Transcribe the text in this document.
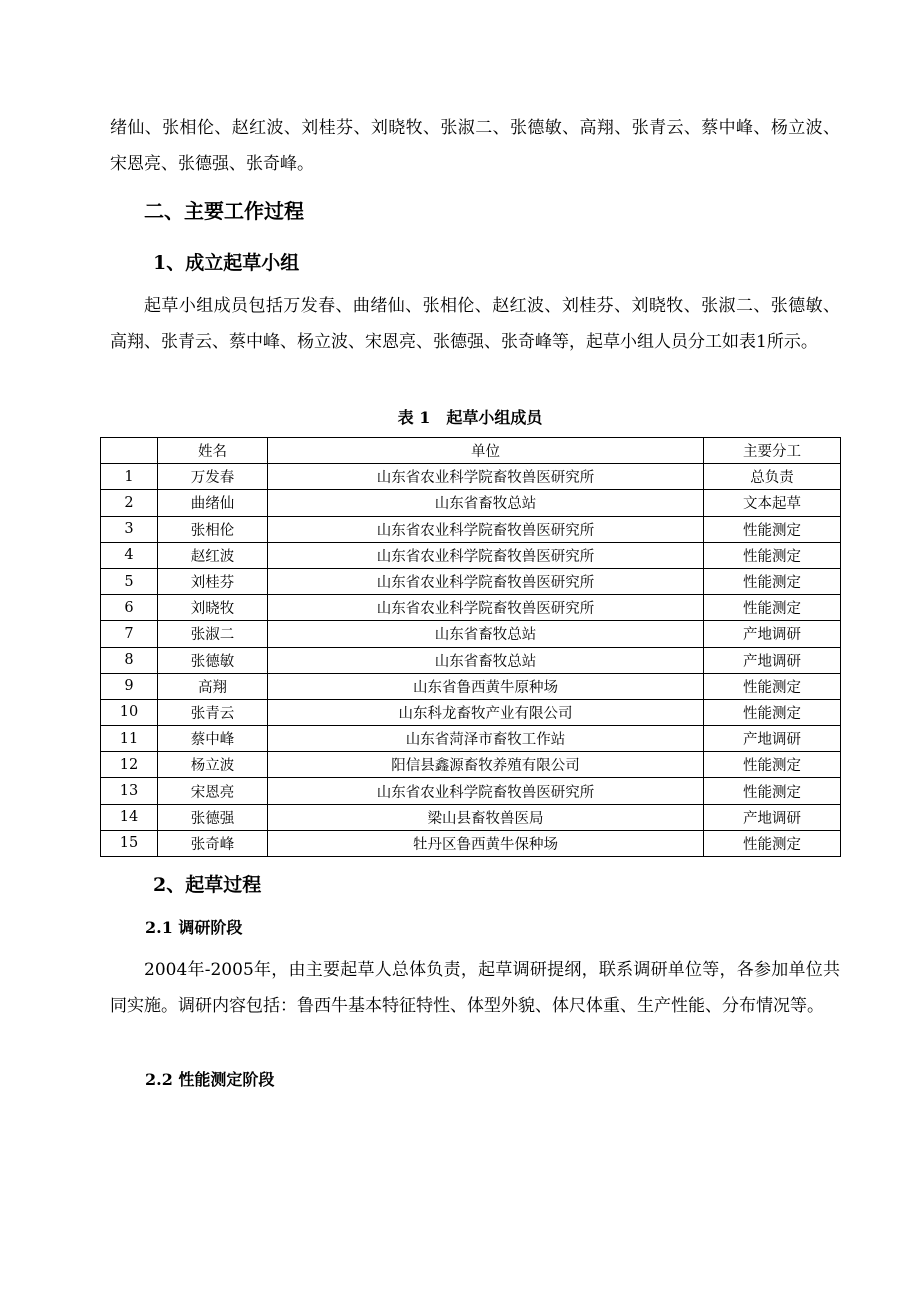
绪仙、张相伦、赵红波、刘桂芬、刘晓牧、张淑二、张德敏、高翔、张青云、蔡中峰、杨立波、宋恩亮、张德强、张奇峰。

二、主要工作过程
1、成立起草小组

起草小组成员包括万发春、曲绪仙、张相伦、赵红波、刘桂芬、刘晓牧、张淑二、张德敏、高翔、张青云、蔡中峰、杨立波、宋恩亮、张德强、张奇峰等，起草小组人员分工如表1所示。

表 1 起草小组成员
	姓名	单位	主要分工
1	万发春	山东省农业科学院畜牧兽医研究所	总负责
2	曲绪仙	山东省畜牧总站	文本起草
3	张相伦	山东省农业科学院畜牧兽医研究所	性能测定
4	赵红波	山东省农业科学院畜牧兽医研究所	性能测定
5	刘桂芬	山东省农业科学院畜牧兽医研究所	性能测定
6	刘晓牧	山东省农业科学院畜牧兽医研究所	性能测定
7	张淑二	山东省畜牧总站	产地调研
8	张德敏	山东省畜牧总站	产地调研
9	高翔	山东省鲁西黄牛原种场	性能测定
10	张青云	山东科龙畜牧产业有限公司	性能测定
11	蔡中峰	山东省菏泽市畜牧工作站	产地调研
12	杨立波	阳信县鑫源畜牧养殖有限公司	性能测定
13	宋恩亮	山东省农业科学院畜牧兽医研究所	性能测定
14	张德强	梁山县畜牧兽医局	产地调研
15	张奇峰	牡丹区鲁西黄牛保种场	性能测定
2、起草过程
2.1 调研阶段

2004年-2005年，由主要起草人总体负责，起草调研提纲，联系调研单位等，各参加单位共同实施。调研内容包括：鲁西牛基本特征特性、体型外貌、体尺体重、生产性能、分布情况等。

2.2 性能测定阶段
